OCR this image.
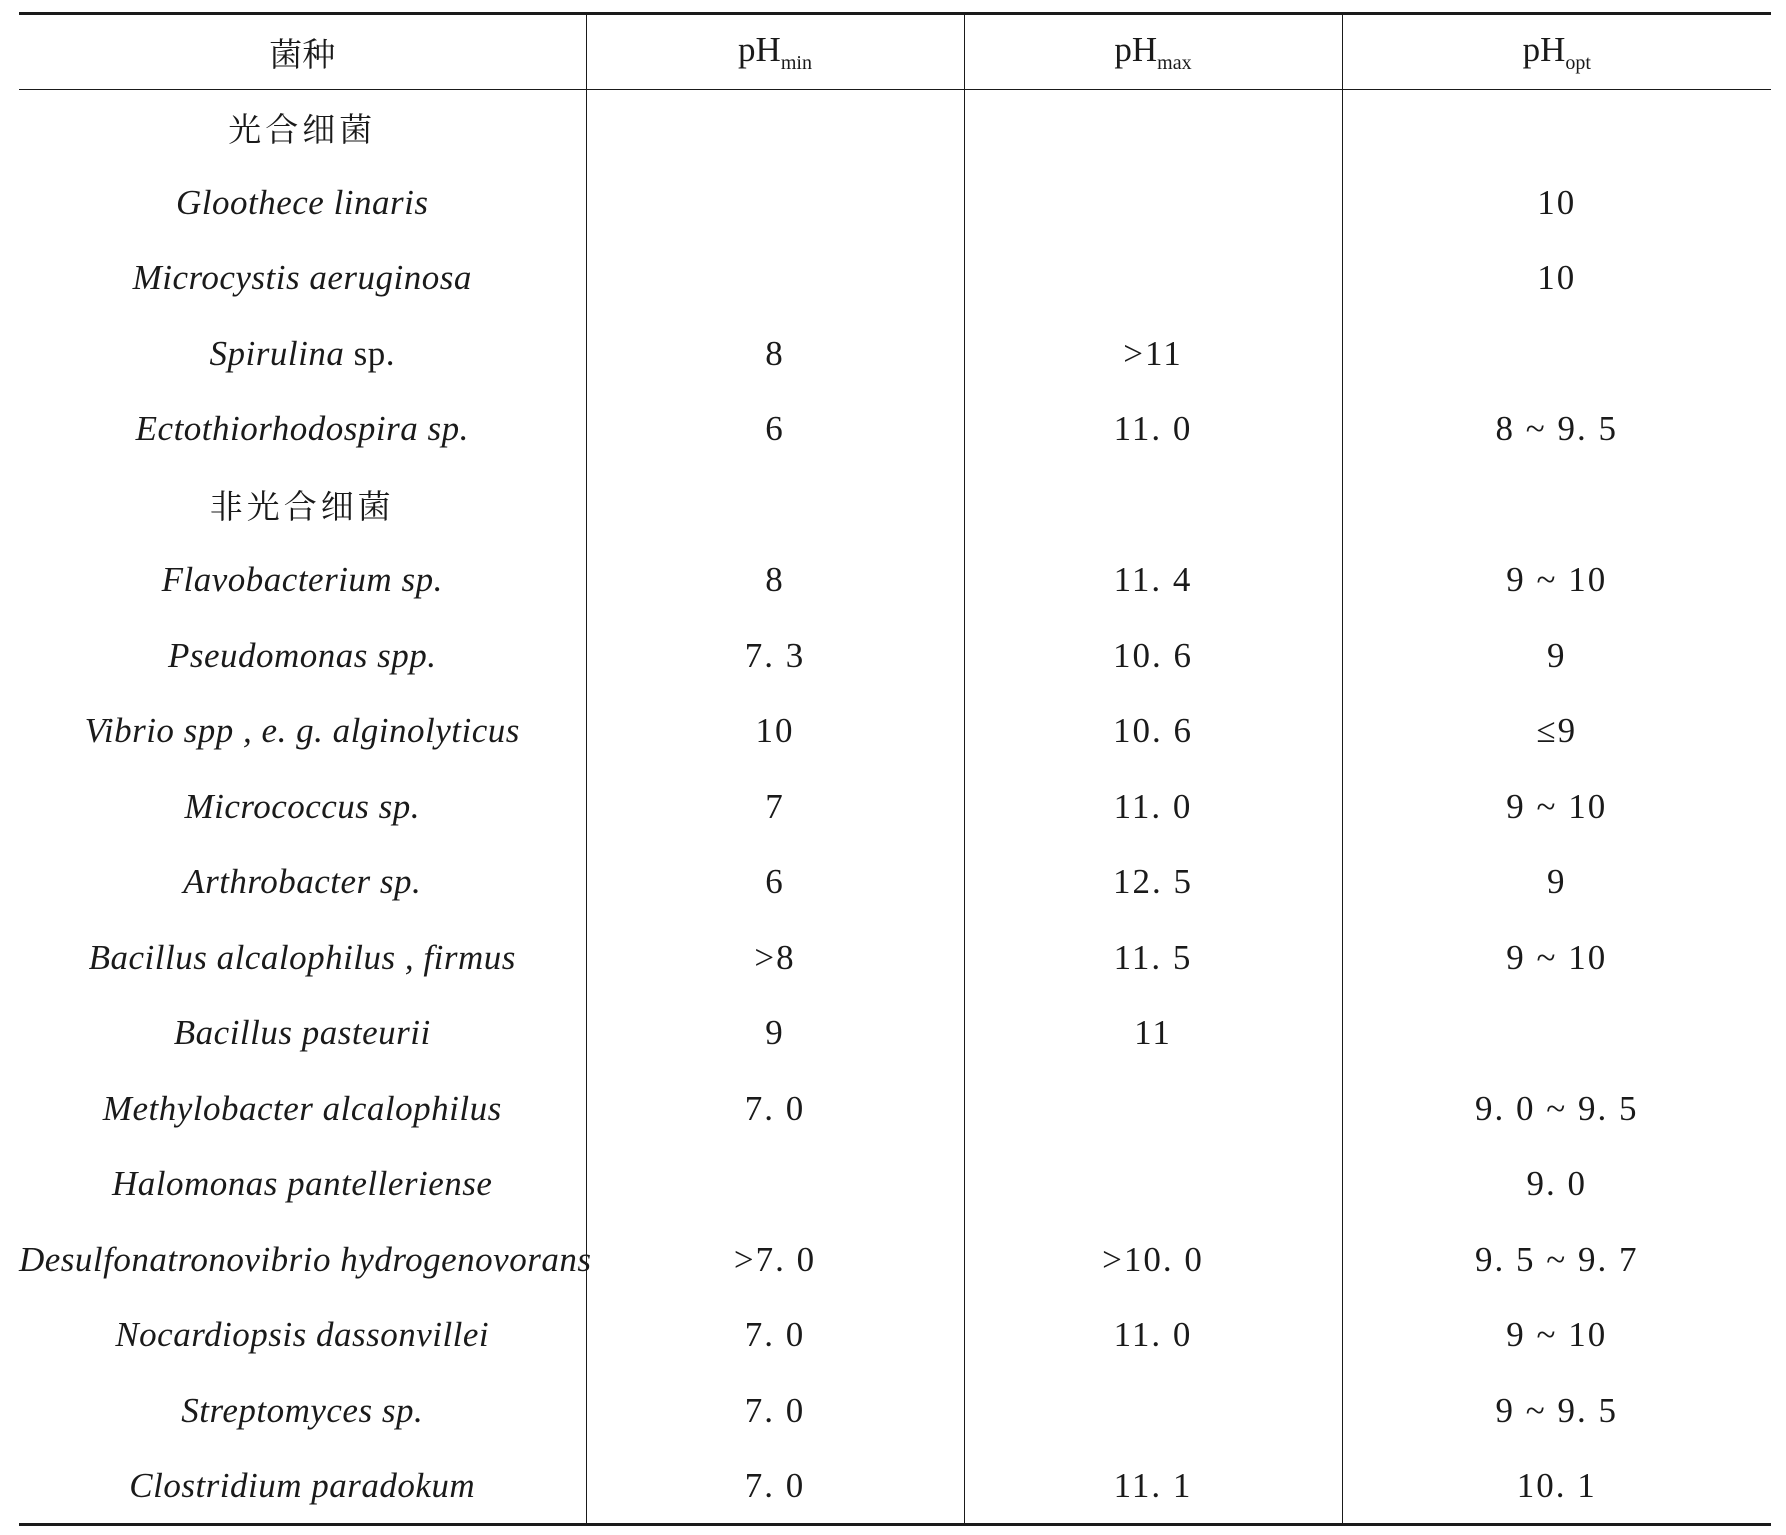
菌种	$pH_{min}$	$pH_{max}$	$pH_{opt}$
光合细菌			
Gloothece linaris			10
Microcystis aeruginosa			10
Spirulina sp.	8	>11	
Ectothiorhodospira sp.	6	11. 0	8 ~ 9. 5
非光合细菌			
Flavobacterium sp.	8	11. 4	9 ~ 10
Pseudomonas spp.	7. 3	10. 6	9
Vibrio spp , e. g. alginolyticus	10	10. 6	≤9
Micrococcus sp.	7	11. 0	9 ~ 10
Arthrobacter sp.	6	12. 5	9
Bacillus alcalophilus , firmus	>8	11. 5	9 ~ 10
Bacillus pasteurii	9	11	
Methylobacter alcalophilus	7. 0		9. 0 ~ 9. 5
Halomonas pantelleriense			9. 0
Desulfonatronovibrio hydrogenovorans	>7. 0	>10. 0	9. 5 ~ 9. 7
Nocardiopsis dassonvillei	7. 0	11. 0	9 ~ 10
Streptomyces sp.	7. 0		9 ~ 9. 5
Clostridium paradokum	7. 0	11. 1	10. 1
